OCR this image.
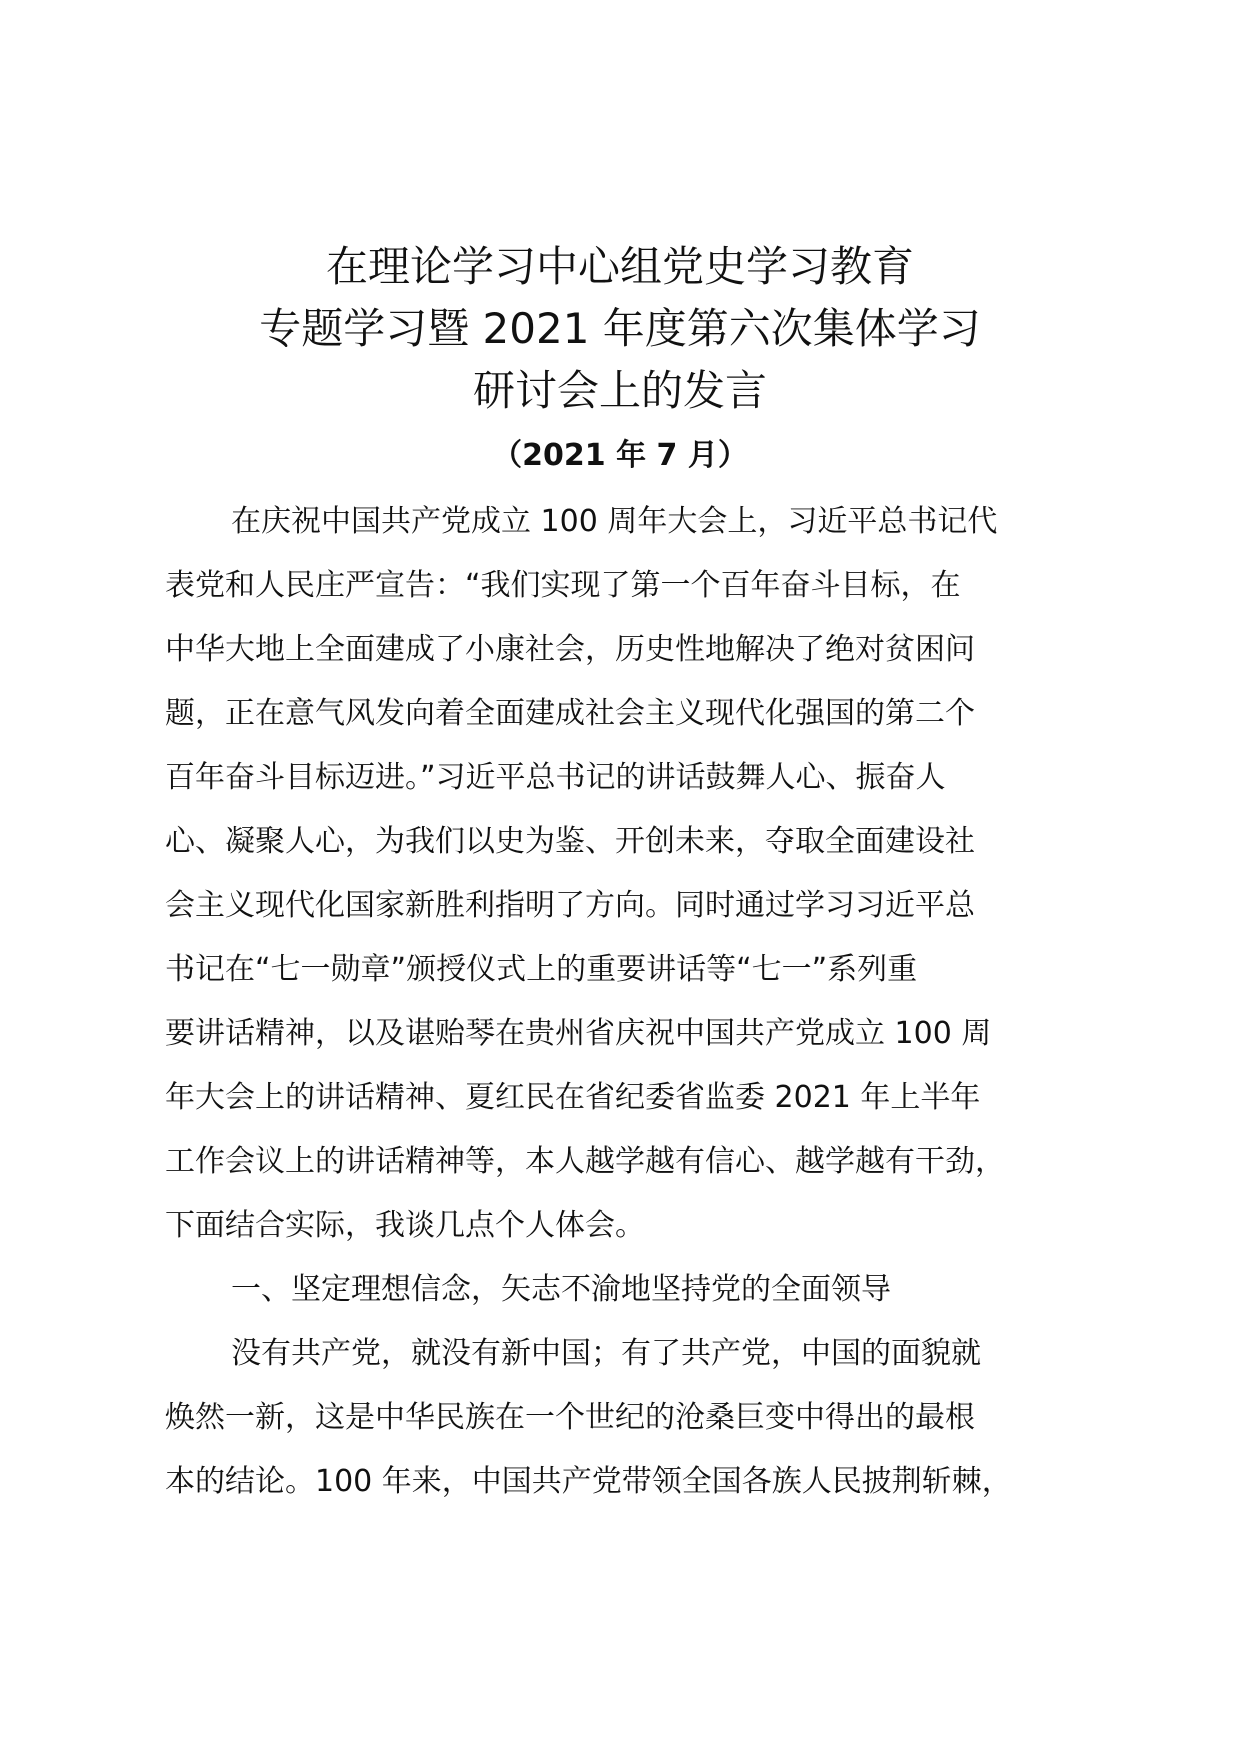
在理论学习中心组党史学习教育
专题学习暨 2021 年度第六次集体学习
研讨会上的发言
（2021 年 7 月）
在庆祝中国共产党成立 100 周年大会上，习近平总书记代
表党和人民庄严宣告：“我们实现了第一个百年奋斗目标，在
中华大地上全面建成了小康社会，历史性地解决了绝对贫困问
题，正在意气风发向着全面建成社会主义现代化强国的第二个
百年奋斗目标迈进。”习近平总书记的讲话鼓舞人心、振奋人
心、凝聚人心，为我们以史为鉴、开创未来，夺取全面建设社
会主义现代化国家新胜利指明了方向。同时通过学习习近平总
书记在“七一勋章”颁授仪式上的重要讲话等“七一”系列重
要讲话精神，以及谌贻琴在贵州省庆祝中国共产党成立 100 周
年大会上的讲话精神、夏红民在省纪委省监委 2021 年上半年
工作会议上的讲话精神等，本人越学越有信心、越学越有干劲，
下面结合实际，我谈几点个人体会。
一、坚定理想信念，矢志不渝地坚持党的全面领导
没有共产党，就没有新中国；有了共产党，中国的面貌就
焕然一新，这是中华民族在一个世纪的沧桑巨变中得出的最根
本的结论。100 年来，中国共产党带领全国各族人民披荆斩棘，
